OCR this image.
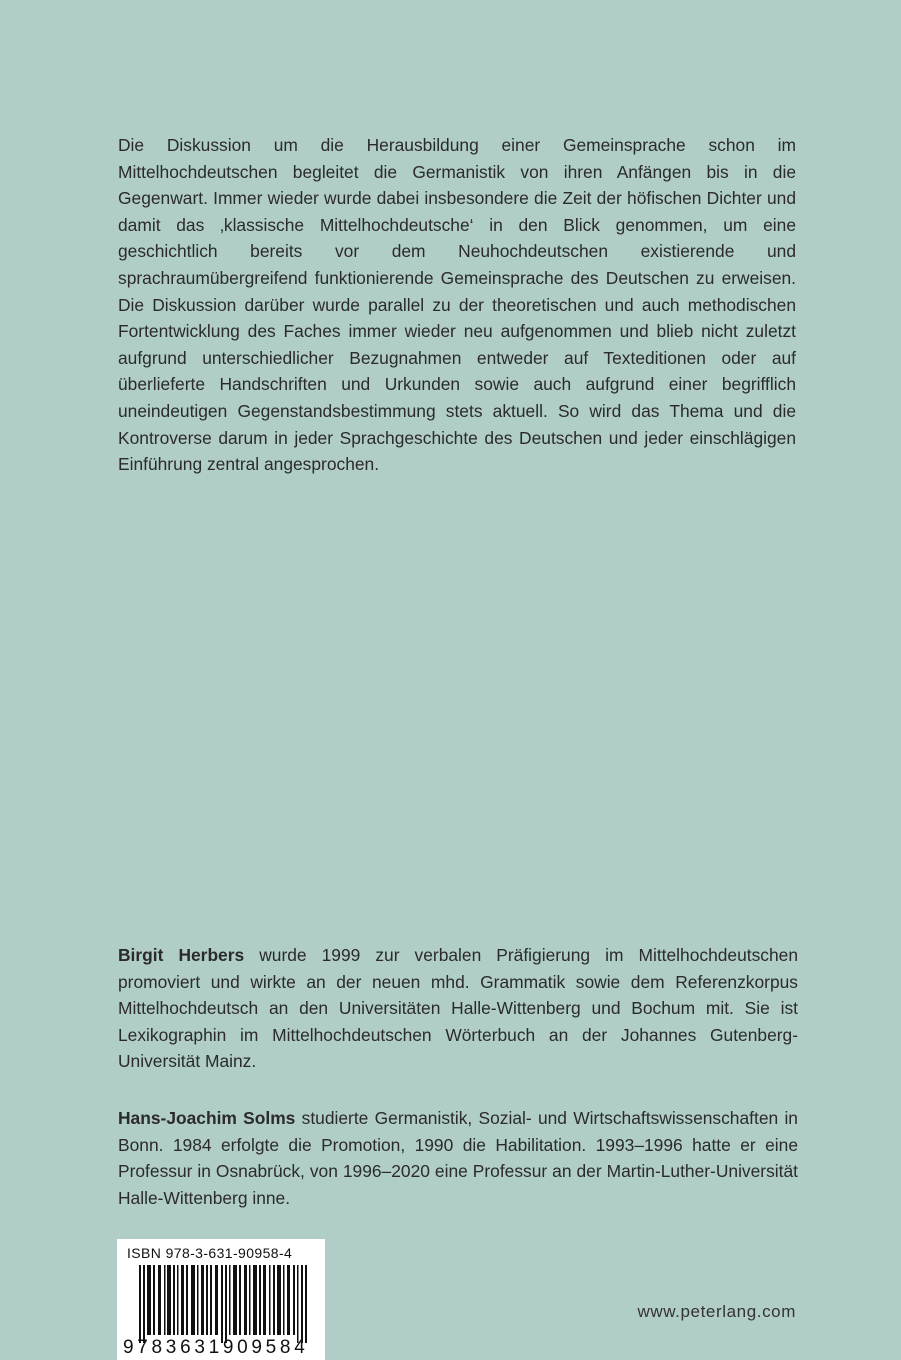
Die Diskussion um die Herausbildung einer Gemeinsprache schon im Mittelhochdeutschen begleitet die Germanistik von ihren Anfängen bis in die Gegenwart. Immer wieder wurde dabei insbesondere die Zeit der höfischen Dichter und damit das ‚klassische Mittelhochdeutsche‘ in den Blick genommen, um eine geschichtlich bereits vor dem Neuhochdeutschen existierende und sprachraumübergreifend funktionierende Gemeinsprache des Deutschen zu erweisen. Die Diskussion darüber wurde parallel zu der theoretischen und auch methodischen Fortentwicklung des Faches immer wieder neu aufgenommen und blieb nicht zuletzt aufgrund unterschiedlicher Bezugnahmen entweder auf Texteditionen oder auf überlieferte Handschriften und Urkunden sowie auch aufgrund einer begrifflich uneindeutigen Gegenstandsbestimmung stets aktuell. So wird das Thema und die Kontroverse darum in jeder Sprachgeschichte des Deutschen und jeder einschlägigen Einführung zentral angesprochen.

Birgit Herbers wurde 1999 zur verbalen Präfigierung im Mittelhochdeutschen promoviert und wirkte an der neuen mhd. Grammatik sowie dem Referenzkorpus Mittelhochdeutsch an den Universitäten Halle-Wittenberg und Bochum mit. Sie ist Lexikographin im Mittelhochdeutschen Wörterbuch an der Johannes Gutenberg-Universität Mainz.

Hans-Joachim Solms studierte Germanistik, Sozial- und Wirtschaftswissenschaften in Bonn. 1984 erfolgte die Promotion, 1990 die Habilitation. 1993–1996 hatte er eine Professur in Osnabrück, von 1996–2020 eine Professur an der Martin-Luther-Universität Halle-Wittenberg inne.

ISBN 978-3-631-90958-4
9783631909584
www.peterlang.com
